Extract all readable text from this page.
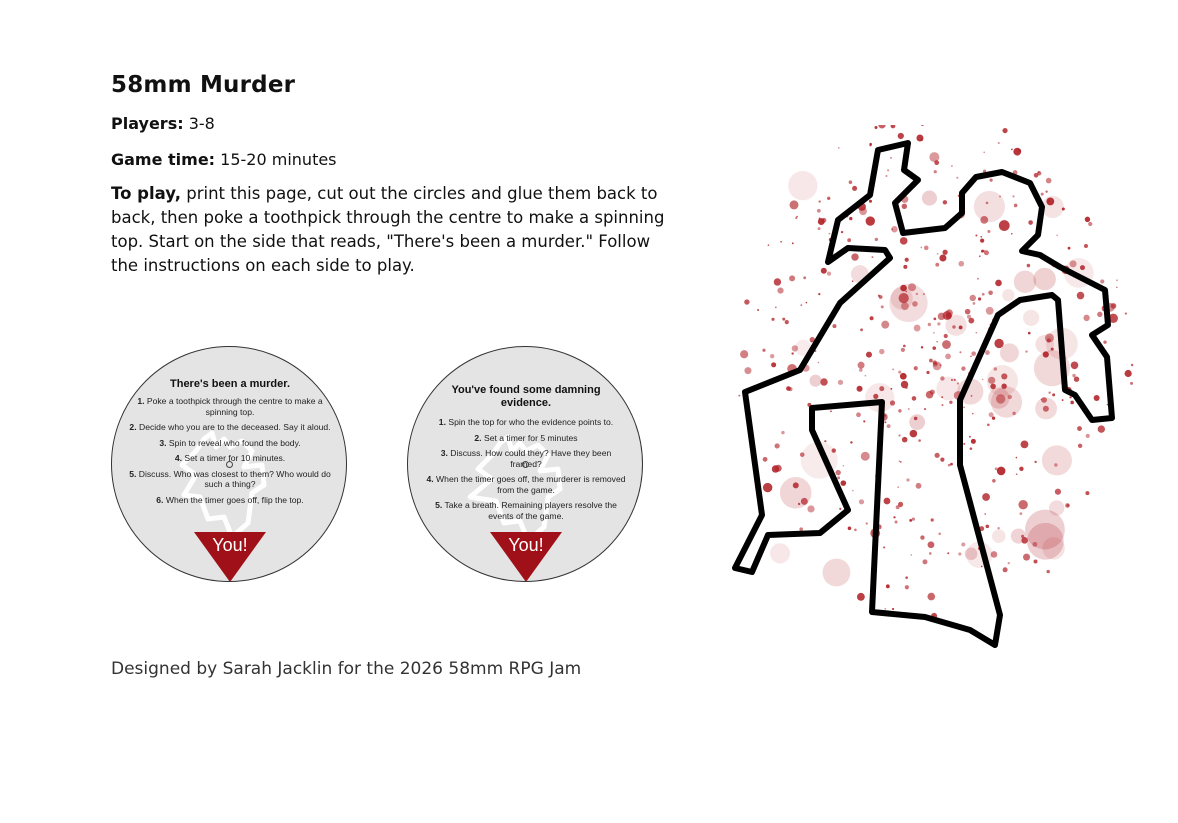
58mm Murder
Players: 3-8
Game time: 15-20 minutes

To play, print this page, cut out the circles and glue them back to back, then poke a toothpick through the centre to make a spinning top. Start on the side that reads, "There's been a murder." Follow the instructions on each side to play.

There's been a murder.
1. Poke a toothpick through the centre to make a spinning top.
2. Decide who you are to the deceased. Say it aloud.
3. Spin to reveal who found the body.
4. Set a timer for 10 minutes.
5. Discuss. Who was closest to them? Who would do such a thing?
6. When the timer goes off, flip the top.
You!
You've found some damning evidence.
1. Spin the top for who the evidence points to.
2. Set a timer for 5 minutes
3. Discuss. How could they? Have they been framed?
4. When the timer goes off, the murderer is removed from the game.
5. Take a breath. Remaining players resolve the events of the game.
You!
Designed by Sarah Jacklin for the 2026 58mm RPG Jam
